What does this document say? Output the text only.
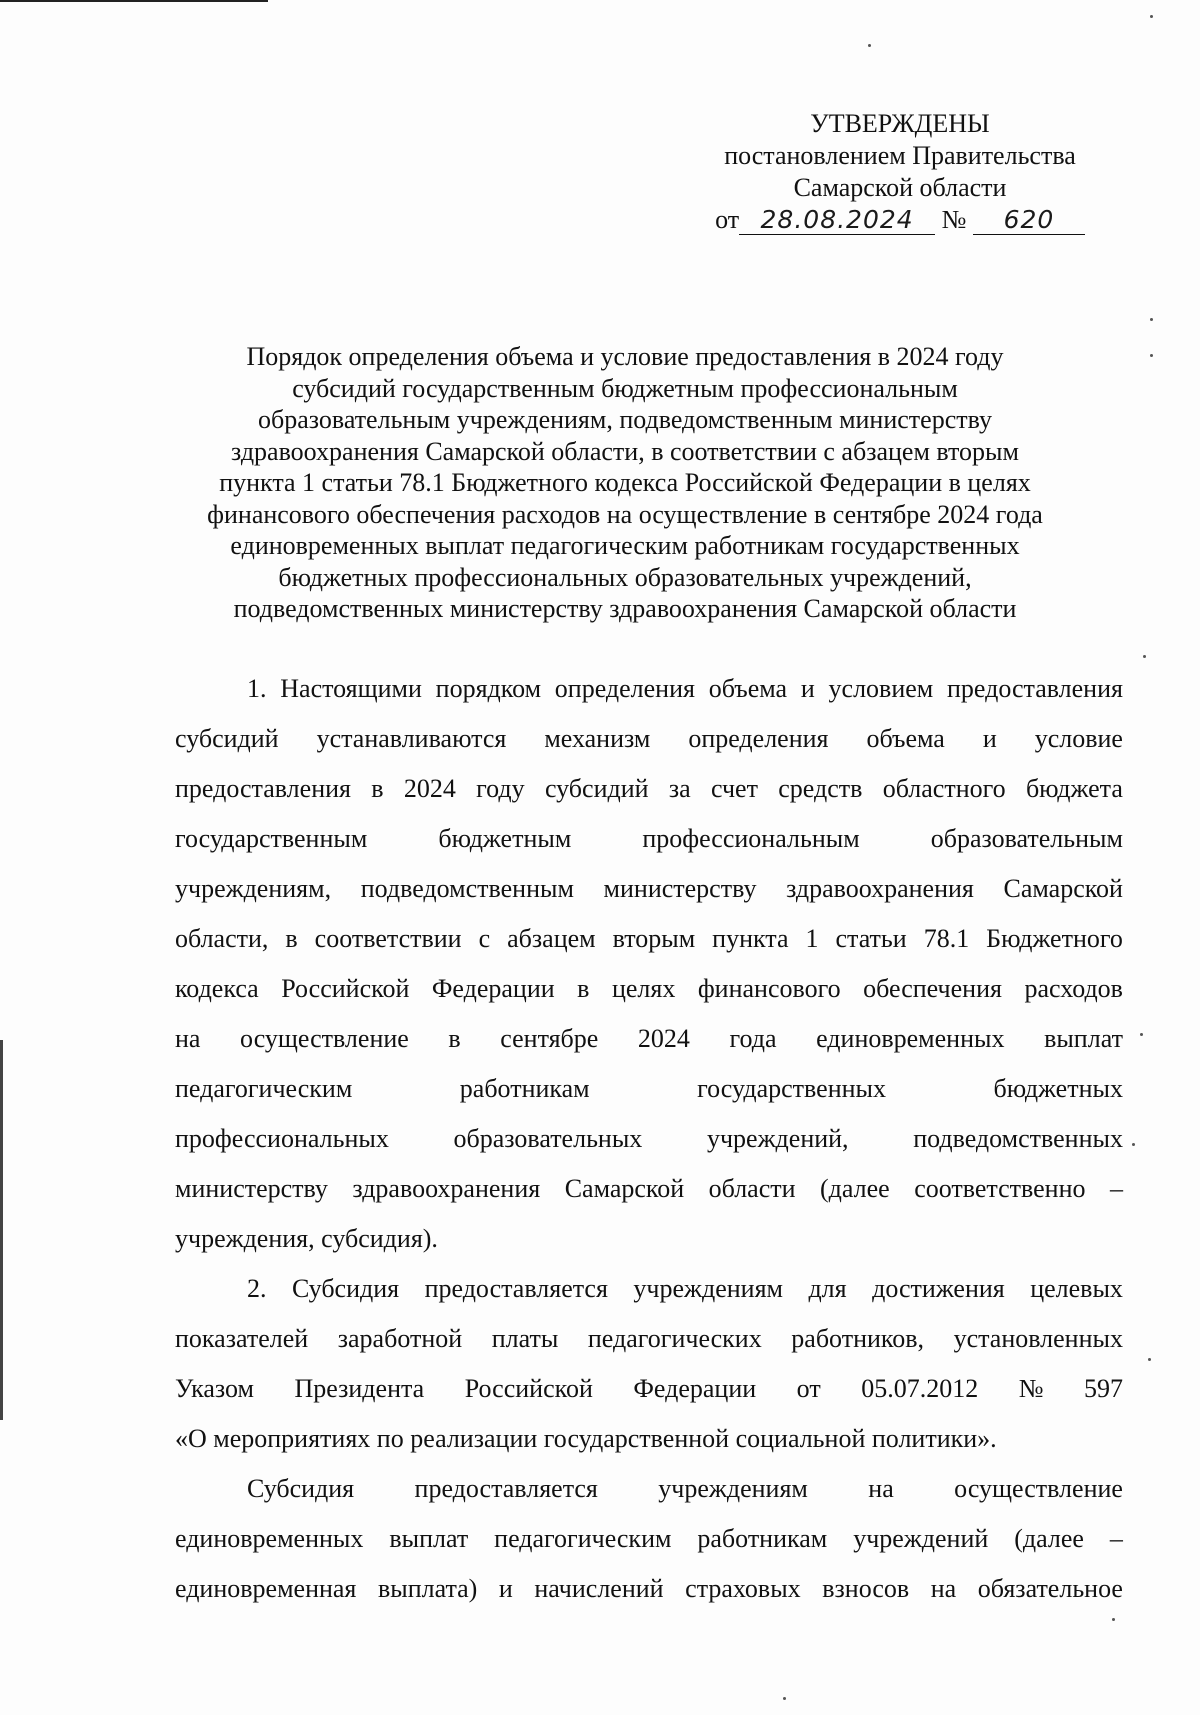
УТВЕРЖДЕНЫ
постановлением Правительства
Самарской области
от 28.08.2024 № 620
Порядок определения объема и условие предоставления в 2024 году
субсидий государственным бюджетным профессиональным
образовательным учреждениям, подведомственным министерству
здравоохранения Самарской области, в соответствии с абзацем вторым
пункта 1 статьи 78.1 Бюджетного кодекса Российской Федерации в целях
финансового обеспечения расходов на осуществление в сентябре 2024 года
единовременных выплат педагогическим работникам государственных
бюджетных профессиональных образовательных учреждений,
подведомственных министерству здравоохранения Самарской области
1. Настоящими порядком определения объема и условием предоставления
субсидий устанавливаются механизм определения объема и условие
предоставления в 2024 году субсидий за счет средств областного бюджета
государственным	бюджетным	профессиональным	образовательным
учреждениям, подведомственным министерству здравоохранения Самарской
области, в соответствии с абзацем вторым пункта 1 статьи 78.1 Бюджетного
кодекса Российской Федерации в целях финансового обеспечения расходов
на осуществление в сентябре 2024 года единовременных выплат
педагогическим	работникам	государственных	бюджетных
профессиональных образовательных учреждений, подведомственных
министерству здравоохранения Самарской области (далее соответственно –
учреждения, субсидия).
2. Субсидия предоставляется учреждениям для достижения целевых
показателей заработной платы педагогических работников, установленных
Указом Президента Российской Федерации от 05.07.2012 № 597
«О мероприятиях по реализации государственной социальной политики».
Субсидия предоставляется учреждениям на осуществление
единовременных выплат педагогическим работникам учреждений (далее –
единовременная выплата) и начислений страховых взносов на обязательное
